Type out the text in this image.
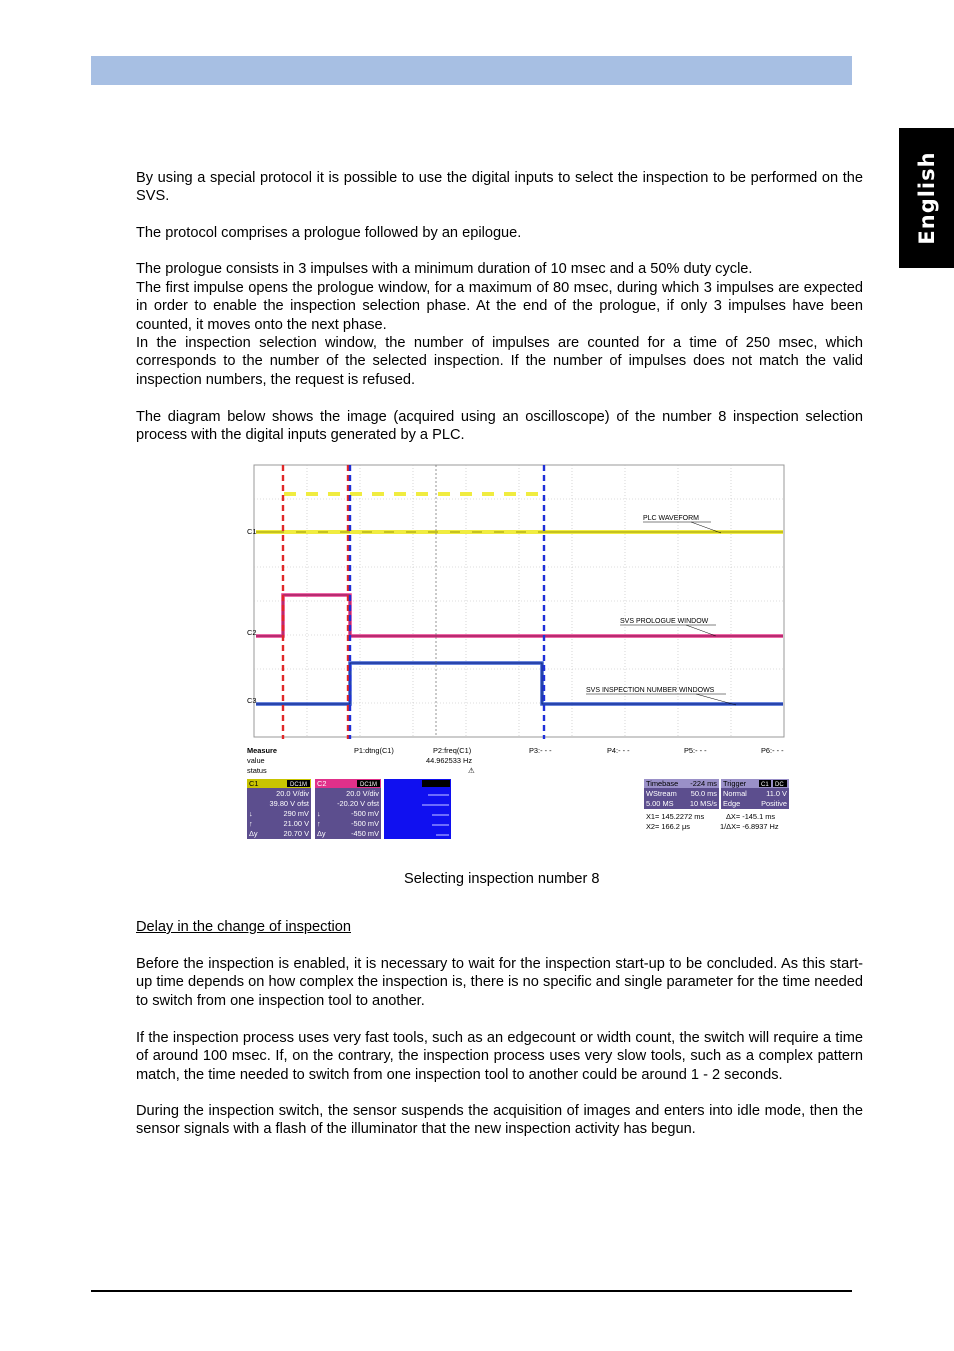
English

By using a special protocol it is possible to use the digital inputs to select the inspection to be performed on the SVS.

The protocol comprises a prologue followed by an epilogue.

The prologue consists in 3 impulses with a minimum duration of 10 msec and a 50% duty cycle.

The first impulse opens the prologue window, for a maximum of 80 msec, during which 3 impulses are expected in order to enable the inspection selection phase. At the end of the prologue, if only 3 impulses have been counted, it moves onto the next phase.

In the inspection selection window, the number of impulses are counted for a time of 250 msec, which corresponds to the number of the selected inspection. If the number of impulses does not match the valid inspection numbers, the request is refused.

The diagram below shows the image (acquired using an oscilloscope) of the number 8 inspection selection process with the digital inputs generated by a PLC.

C1
C2
C3
PLC WAVEFORM
SVS PROLOGUE WINDOW
SVS INSPECTION NUMBER WINDOWS
Measure
value
status
P1:dtng(C1)	P2:freq(C1)
44.962533 Hz
⚠
P3:- - -	P4:- - -	P5:- - -	P6:- - -
C1	DC1M
20.0 V/div
39.80 V ofst
↓	290 mV
↑	21.00 V
Δy	20.70 V
C2	DC1M
20.0 V/div
-20.20 V ofst
↓	-500 mV
↑	-500 mV
Δy	-450 mV
Timebase -224 ms
WStream 50.0 ms
5.00 MS 10 MS/s
Trigger C1 DC
Normal	11.0 V
Edge	Positive
X1= 145.2272 ms	ΔX= -145.1 ms
X2= 166.2 μs	1/ΔX= -6.8937 Hz
Selecting inspection number 8

Delay in the change of inspection

Before the inspection is enabled, it is necessary to wait for the inspection start-up to be concluded. As this start-up time depends on how complex the inspection is, there is no specific and single parameter for the time needed to switch from one inspection tool to another.

If the inspection process uses very fast tools, such as an edgecount or width count, the switch will require a time of around 100 msec. If, on the contrary, the inspection process uses very slow tools, such as a complex pattern match, the time needed to switch from one inspection tool to another could be around 1 - 2 seconds.

During the inspection switch, the sensor suspends the acquisition of images and enters into idle mode, then the sensor signals with a flash of the illuminator that the new inspection activity has begun.
